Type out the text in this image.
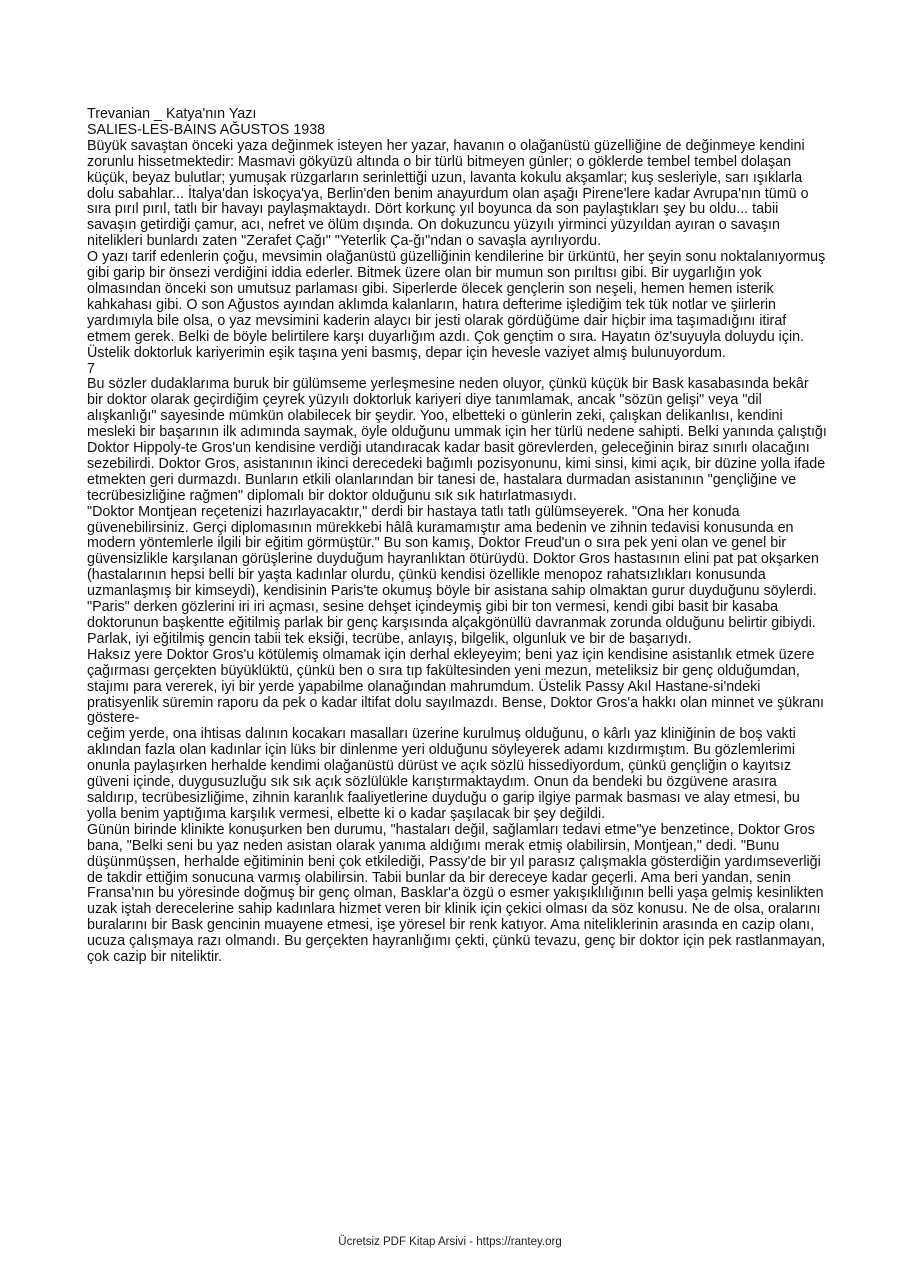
Trevanian _ Katya'nın Yazı

SALIES-LES-BAINS AĞUSTOS 1938

Büyük savaştan önceki yaza değinmek isteyen her yazar, havanın o olağanüstü güzelliğine de değinmeye kendini zorunlu hissetmektedir: Masmavi gökyüzü altında o bir türlü bitmeyen günler; o göklerde tembel tembel dolaşan küçük, beyaz bulutlar; yumuşak rüzgarların serinlettiği uzun, lavanta kokulu akşamlar; kuş sesleriyle, sarı ışıklarla dolu sabahlar... İtalya'dan İskoçya'ya, Berlin'den benim anayurdum olan aşağı Pirene'lere kadar Avrupa'nın tümü o sıra pırıl pırıl, tatlı bir havayı paylaşmaktaydı. Dört korkunç yıl boyunca da son paylaştıkları şey bu oldu... tabii savaşın getirdiği çamur, acı, nefret ve ölüm dışında. On dokuzuncu yüzyılı yirminci yüzyıldan ayıran o savaşın nitelikleri bunlardı zaten "Zerafet Çağı" "Yeterlik Ça-ğı"ndan o savaşla ayrılıyordu.

O yazı tarif edenlerin çoğu, mevsimin olağanüstü güzelliğinin kendilerine bir ürküntü, her şeyin sonu noktalanıyormuş gibi garip bir önsezi verdiğini iddia ederler. Bitmek üzere olan bir mumun son pırıltısı gibi. Bir uygarlığın yok olmasından önceki son umutsuz parlaması gibi. Siperlerde ölecek gençlerin son neşeli, hemen hemen isterik kahkahası gibi. O son Ağustos ayından aklımda kalanların, hatıra defterime işlediğim tek tük notlar ve şiirlerin yardımıyla bile olsa, o yaz mevsimini kaderin alaycı bir jesti olarak gördüğüme dair hiçbir ima taşımadığını itiraf etmem gerek. Belki de böyle belirtilere karşı duyarlığım azdı. Çok gençtim o sıra. Hayatın öz'suyuyla doluydu için. Üstelik doktorluk kariyerimin eşik taşına yeni basmış, depar için hevesle vaziyet almış bulunuyordum.

7

Bu sözler dudaklarıma buruk bir gülümseme yerleşmesine neden oluyor, çünkü küçük bir Bask kasabasında bekâr bir doktor olarak geçirdiğim çeyrek yüzyılı doktorluk kariyeri diye tanımlamak, ancak "sözün gelişi" veya "dil alışkanlığı" sayesinde mümkün olabilecek bir şeydir. Yoo, elbetteki o günlerin zeki, çalışkan delikanlısı, kendini mesleki bir başarının ilk adımında saymak, öyle olduğunu ummak için her türlü nedene sahipti. Belki yanında çalıştığı Doktor Hippoly-te Gros'un kendisine verdiği utandıracak kadar basit görevlerden, geleceğinin biraz sınırlı olacağını sezebilirdi. Doktor Gros, asistanının ikinci derecedeki bağımlı pozisyonunu, kimi sinsi, kimi açık, bir düzine yolla ifade etmekten geri durmazdı. Bunların etkili olanlarından bir tanesi de, hastalara durmadan asistanının "gençliğine ve tecrübesizliğine rağmen" diplomalı bir doktor olduğunu sık sık hatırlatmasıydı.

"Doktor Montjean reçetenizi hazırlayacaktır," derdi bir hastaya tatlı tatlı gülümseyerek. "Ona her konuda güvenebilirsiniz. Gerçi diplomasının mürekkebi hâlâ kuramamıştır ama bedenin ve zihnin tedavisi konusunda en modern yöntemlerle ilgili bir eğitim görmüştür." Bu son kamış, Doktor Freud'un o sıra pek yeni olan ve genel bir güvensizlikle karşılanan görüşlerine duyduğum hayranlıktan ötürüydü. Doktor Gros hastasının elini pat pat okşarken (hastalarının hepsi belli bir yaşta kadınlar olurdu, çünkü kendisi özellikle menopoz rahatsızlıkları konusunda uzmanlaşmış bir kimseydi), kendisinin Paris'te okumuş böyle bir asistana sahip olmaktan gurur duyduğunu söylerdi. "Paris" derken gözlerini iri iri açması, sesine dehşet içindeymiş gibi bir ton vermesi, kendi gibi basit bir kasaba doktorunun başkentte eğitilmiş parlak bir genç karşısında alçakgönüllü davranmak zorunda olduğunu belirtir gibiydi. Parlak, iyi eğitilmiş gencin tabii tek eksiği, tecrübe, anlayış, bilgelik, olgunluk ve bir de başarıydı.

Haksız yere Doktor Gros'u kötülemiş olmamak için derhal ekleyeyim; beni yaz için kendisine asistanlık etmek üzere çağırması gerçekten büyüklüktü, çünkü ben o sıra tıp fakültesinden yeni mezun, meteliksiz bir genç olduğumdan, stajımı para vererek, iyi bir yerde yapabilme olanağından mahrumdum. Üstelik Passy Akıl Hastane-si'ndeki pratisyenlik süremin raporu da pek o kadar iltifat dolu sayılmazdı. Bense, Doktor Gros'a hakkı olan minnet ve şükranı göstere-

ceğim yerde, ona ihtisas dalının kocakarı masalları üzerine kurulmuş olduğunu, o kârlı yaz kliniğinin de boş vakti aklından fazla olan kadınlar için lüks bir dinlenme yeri olduğunu söyleyerek adamı kızdırmıştım. Bu gözlemlerimi onunla paylaşırken herhalde kendimi olağanüstü dürüst ve açık sözlü hissediyordum, çünkü gençliğin o kayıtsız güveni içinde, duygusuzluğu sık sık açık sözlülükle karıştırmaktaydım. Onun da bendeki bu özgüvene arasıra saldırıp, tecrübesizliğime, zihnin karanlık faaliyetlerine duyduğu o garip ilgiye parmak basması ve alay etmesi, bu yolla benim yaptığıma karşılık vermesi, elbette ki o kadar şaşılacak bir şey değildi.

Günün birinde klinikte konuşurken ben durumu, "hastaları değil, sağlamları tedavi etme"ye benzetince, Doktor Gros bana, "Belki seni bu yaz neden asistan olarak yanıma aldığımı merak etmiş olabilirsin, Montjean," dedi. "Bunu düşünmüşsen, herhalde eğitiminin beni çok etkilediği, Passy'de bir yıl parasız çalışmakla gösterdiğin yardımseverliği de takdir ettiğim sonucuna varmış olabilirsin. Tabii bunlar da bir dereceye kadar geçerli. Ama beri yandan, senin Fransa'nın bu yöresinde doğmuş bir genç olman, Basklar'a özgü o esmer yakışıklılığının belli yaşa gelmiş kesinlikten uzak iştah derecelerine sahip kadınlara hizmet veren bir klinik için çekici olması da söz konusu. Ne de olsa, oralarını buralarını bir Bask gencinin muayene etmesi, işe yöresel bir renk katıyor. Ama niteliklerinin arasında en cazip olanı, ucuza çalışmaya razı olmandı. Bu gerçekten hayranlığımı çekti, çünkü tevazu, genç bir doktor için pek rastlanmayan, çok cazip bir niteliktir.

Ücretsiz PDF Kitap Arsivi - https://rantey.org
